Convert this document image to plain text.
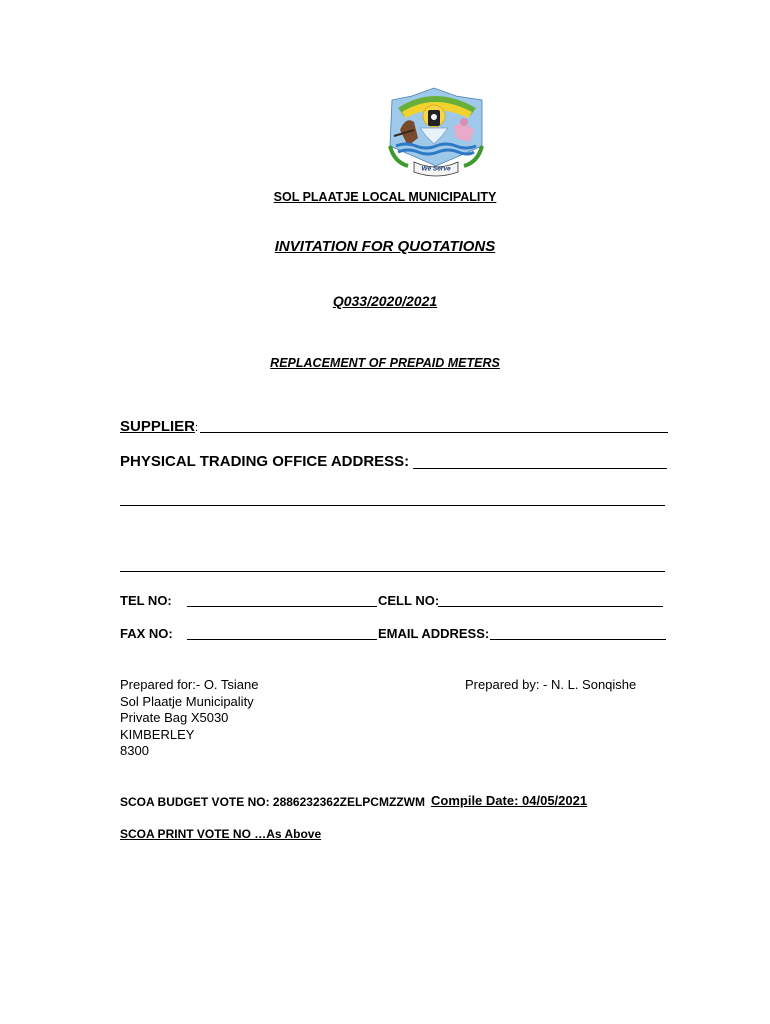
We Serve
SOL PLAATJE LOCAL MUNICIPALITY
INVITATION FOR QUOTATIONS
Q033/2020/2021
REPLACEMENT OF PREPAID METERS
SUPPLIER:
PHYSICAL TRADING OFFICE ADDRESS:
TEL NO:	CELL NO:
FAX NO:	EMAIL ADDRESS:
Prepared for:- O. Tsiane
Sol Plaatje Municipality
Private Bag X5030
KIMBERLEY
8300
Prepared by: - N. L. Sonqishe
SCOA BUDGET VOTE NO: 2886232362ZELPCMZZWM Compile Date: 04/05/2021
SCOA PRINT VOTE NO …As Above
